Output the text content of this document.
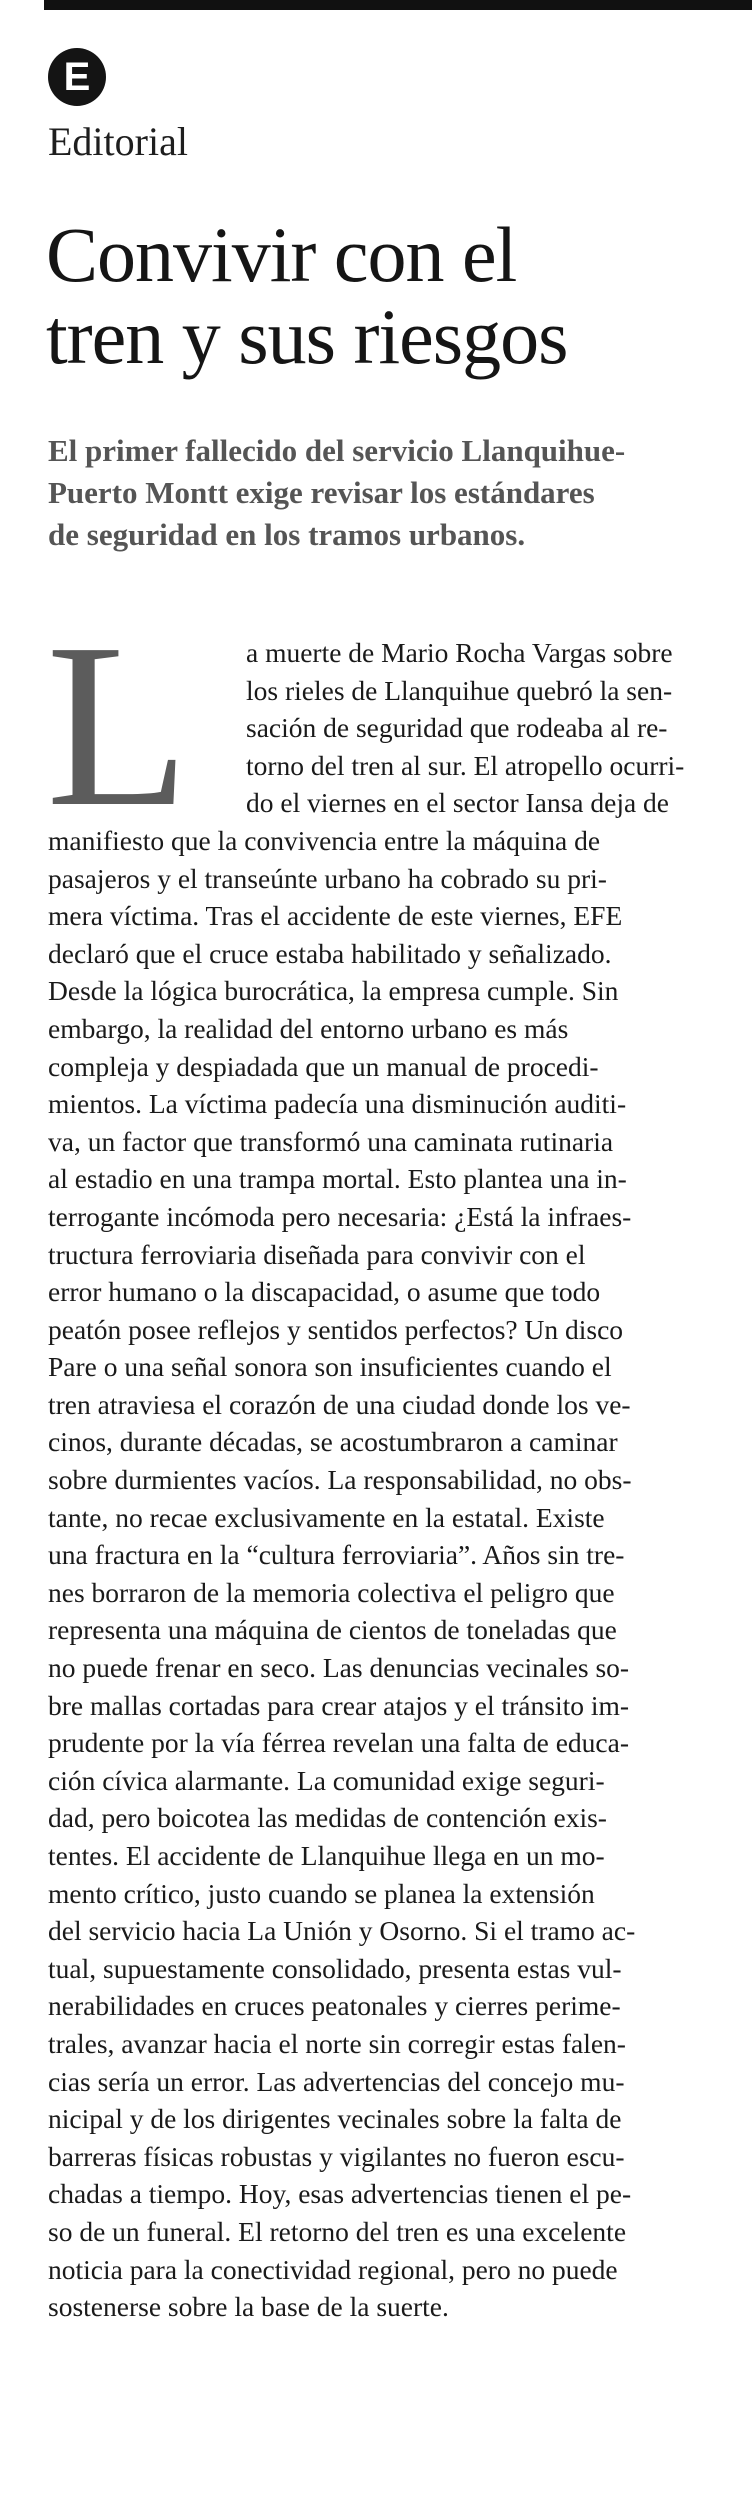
E
Editorial
Convivir con el
tren y sus riesgos

El primer fallecido del servicio Llanquihue-
Puerto Montt exige revisar los estándares
de seguridad en los tramos urbanos.

L	a muerte de Mario Rocha Vargas sobre
los rieles de Llanquihue quebró la sen-
sación de seguridad que rodeaba al re-
torno del tren al sur. El atropello ocurri-
do el viernes en el sector Iansa deja de
manifiesto que la convivencia entre la máquina de
pasajeros y el transeúnte urbano ha cobrado su pri-
mera víctima. Tras el accidente de este viernes, EFE
declaró que el cruce estaba habilitado y señalizado.
Desde la lógica burocrática, la empresa cumple. Sin
embargo, la realidad del entorno urbano es más
compleja y despiadada que un manual de procedi-
mientos. La víctima padecía una disminución auditi-
va, un factor que transformó una caminata rutinaria
al estadio en una trampa mortal. Esto plantea una in-
terrogante incómoda pero necesaria: ¿Está la infraes-
tructura ferroviaria diseñada para convivir con el
error humano o la discapacidad, o asume que todo
peatón posee reflejos y sentidos perfectos? Un disco
Pare o una señal sonora son insuficientes cuando el
tren atraviesa el corazón de una ciudad donde los ve-
cinos, durante décadas, se acostumbraron a caminar
sobre durmientes vacíos. La responsabilidad, no obs-
tante, no recae exclusivamente en la estatal. Existe
una fractura en la “cultura ferroviaria”. Años sin tre-
nes borraron de la memoria colectiva el peligro que
representa una máquina de cientos de toneladas que
no puede frenar en seco. Las denuncias vecinales so-
bre mallas cortadas para crear atajos y el tránsito im-
prudente por la vía férrea revelan una falta de educa-
ción cívica alarmante. La comunidad exige seguri-
dad, pero boicotea las medidas de contención exis-
tentes. El accidente de Llanquihue llega en un mo-
mento crítico, justo cuando se planea la extensión
del servicio hacia La Unión y Osorno. Si el tramo ac-
tual, supuestamente consolidado, presenta estas vul-
nerabilidades en cruces peatonales y cierres perime-
trales, avanzar hacia el norte sin corregir estas falen-
cias sería un error. Las advertencias del concejo mu-
nicipal y de los dirigentes vecinales sobre la falta de
barreras físicas robustas y vigilantes no fueron escu-
chadas a tiempo. Hoy, esas advertencias tienen el pe-
so de un funeral. El retorno del tren es una excelente
noticia para la conectividad regional, pero no puede
sostenerse sobre la base de la suerte.
